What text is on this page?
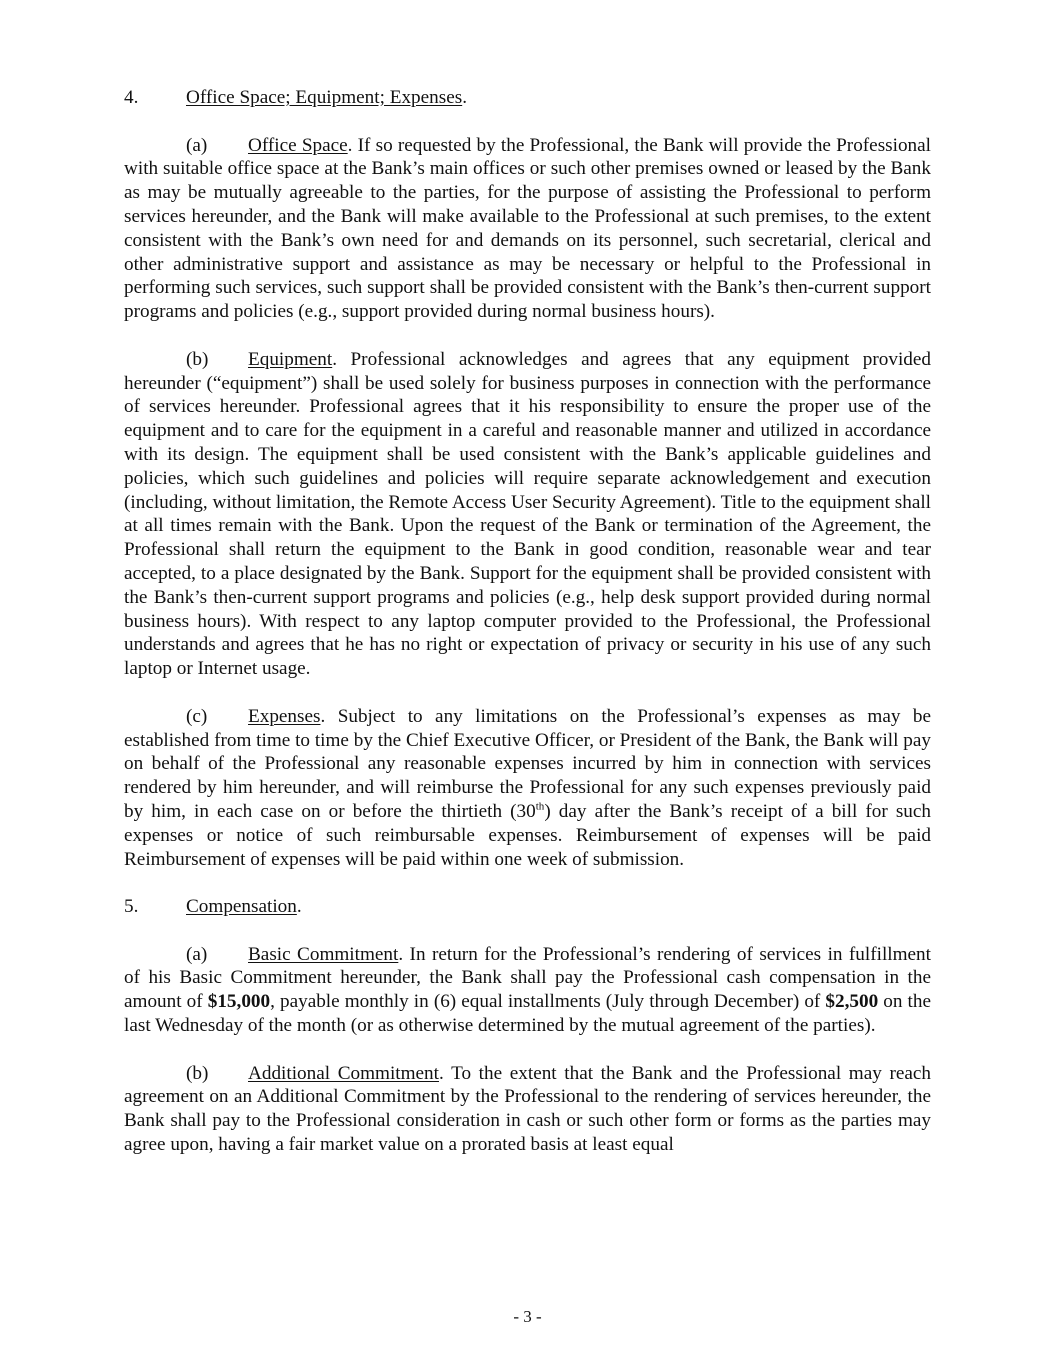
4. Office Space; Equipment; Expenses.

(a) Office Space. If so requested by the Professional, the Bank will provide the Professional with suitable office space at the Bank’s main offices or such other premises owned or leased by the Bank as may be mutually agreeable to the parties, for the purpose of assisting the Professional to perform services hereunder, and the Bank will make available to the Professional at such premises, to the extent consistent with the Bank’s own need for and demands on its personnel, such secretarial, clerical and other administrative support and assistance as may be necessary or helpful to the Professional in performing such services, such support shall be provided consistent with the Bank’s then-current support programs and policies (e.g., support provided during normal business hours).

(b) Equipment. Professional acknowledges and agrees that any equipment provided hereunder (“equipment”) shall be used solely for business purposes in connection with the performance of services hereunder. Professional agrees that it his responsibility to ensure the proper use of the equipment and to care for the equipment in a careful and reasonable manner and utilized in accordance with its design. The equipment shall be used consistent with the Bank’s applicable guidelines and policies, which such guidelines and policies will require separate acknowledgement and execution (including, without limitation, the Remote Access User Security Agreement). Title to the equipment shall at all times remain with the Bank. Upon the request of the Bank or termination of the Agreement, the Professional shall return the equipment to the Bank in good condition, reasonable wear and tear accepted, to a place designated by the Bank. Support for the equipment shall be provided consistent with the Bank’s then-current support programs and policies (e.g., help desk support provided during normal business hours). With respect to any laptop computer provided to the Professional, the Professional understands and agrees that he has no right or expectation of privacy or security in his use of any such laptop or Internet usage.

(c) Expenses. Subject to any limitations on the Professional’s expenses as may be established from time to time by the Chief Executive Officer, or President of the Bank, the Bank will pay on behalf of the Professional any reasonable expenses incurred by him in connection with services rendered by him hereunder, and will reimburse the Professional for any such expenses previously paid by him, in each case on or before the thirtieth (30th) day after the Bank’s receipt of a bill for such expenses or notice of such reimbursable expenses. Reimbursement of expenses will be paid Reimbursement of expenses will be paid within one week of submission.

5. Compensation.

(a) Basic Commitment. In return for the Professional’s rendering of services in fulfillment of his Basic Commitment hereunder, the Bank shall pay the Professional cash compensation in the amount of $15,000, payable monthly in (6) equal installments (July through December) of $2,500 on the last Wednesday of the month (or as otherwise determined by the mutual agreement of the parties).

(b) Additional Commitment. To the extent that the Bank and the Professional may reach agreement on an Additional Commitment by the Professional to the rendering of services hereunder, the Bank shall pay to the Professional consideration in cash or such other form or forms as the parties may agree upon, having a fair market value on a prorated basis at least equal

- 3 -
